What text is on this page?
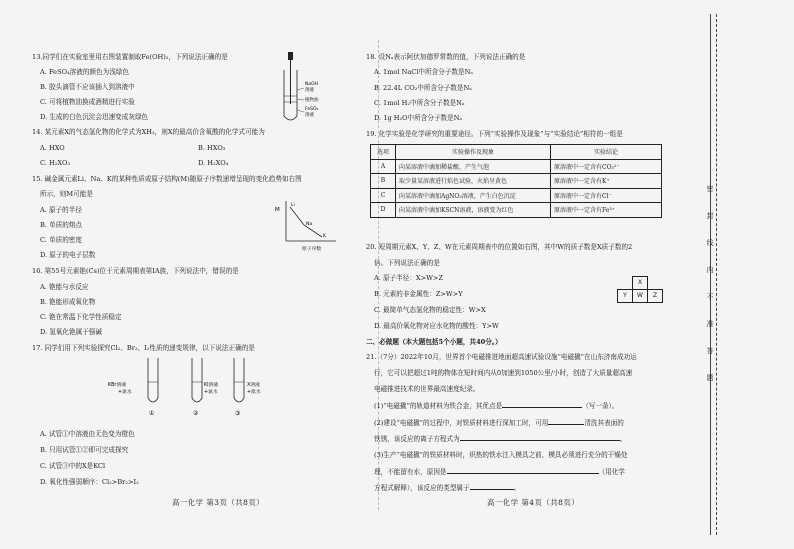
13.同学们在实验室里用右图装置制取Fe(OH)₂，下列说法正确的是
A. FeSO₄溶液的颜色为浅绿色
B. 胶头滴管不应该插入到溶液中
C. 可将植物油换成酒精进行实验
D. 生成的白色沉淀会迅速变成灰绿色
NaOH
溶液
植物油
FeSO₄
溶液
14. 某元素X的气态氢化物的化学式为XH₃，则X的最高价含氧酸的化学式可能为
A. HXO	B. HXO₃
C. H₂XO₃	D. H₂XO₄
15. 碱金属元素Li、Na、K的某种性质或原子结构(M)随原子序数递增呈现的变化趋势如右图
所示，则M可能是
A. 原子的半径
B. 单质的熔点
C. 单质的密度
D. 原子的电子层数
M
Li
Na
K
原子序数
16. 第55号元素铯(Cs)位于元素周期表第IA族，下列说法中，错误的是
A. 铯能与水反应
B. 铯能形成氧化物
C. 铯在常温下化学性质稳定
D. 氢氧化铯属于强碱
17. 同学们用下列实验探究Cl₂、Br₂、I₂性质的递变规律，以下说法正确的是
KBr溶液
+氯水
①
KI溶液
+氯水
②
X溶液
+溴水
③
A. 试管①中溶液由无色变为橙色
B. 只用试管①②即可完成探究
C. 试管③中的X是KCl
D. 氧化性强弱顺序：Cl₂>Br₂>I₂
高一化学 第3页（共8页）
18. 设Nₐ表示阿伏加德罗常数的值，下列说法正确的是
A. 1mol NaCl中所含分子数是Nₐ
B. 22.4L CO₂中所含分子数是Nₐ
C. 1mol H₂中所含分子数是Nₐ
D. 1g H₂O中所含分子数是Nₐ
19. 化学实验是化学研究的重要途径。下列“实验操作及现象”与“实验结论”相符的一组是
选项	实验操作及现象	实验结论
A	向某溶液中滴加稀盐酸，产生气泡	原溶液中一定含有CO₃²⁻
B	取少量某溶液进行焰色试验，火焰呈黄色	原溶液中一定含有K⁺
C	向某溶液中滴加AgNO₃溶液，产生白色沉淀	原溶液中一定含有Cl⁻
D	向某溶液中滴加KSCN溶液，溶液变为红色	原溶液中一定含有Fe³⁺
20. 短周期元素X、Y、Z、W在元素周期表中的位置如右图，其中W的质子数是X质子数的2
倍。下列说法正确的是
A. 原子半径：X>W>Z
B. 元素的非金属性：Z>W>Y
C. 最简单气态氢化物的稳定性：W>X
D. 最高价氧化物对应水化物的酸性：Y>W
X
Y	W	Z
二、必做题（本大题包括5个小题，共40分。）
21.（7分）2022年10月，世界首个电磁推进地面超高速试验设施“电磁撬”在山东济南成功运
行，它可以把超过1吨的物体在短时间内从0加速到1050公里/小时，创造了大质量超高速
电磁推进技术的世界最高速度纪录。
(1)“电磁撬”的轨道材料为铁合金，其优点是	（写一条）。
(2)建设“电磁撬”的过程中，对铁质材料进行深加工时，可用	清洗其表面的
铁锈，该反应的离子方程式为	。
(3)生产“电磁撬”的铁质材料时，炽热的铁水注入模具之前，模具必须进行充分的干燥处
理，不能留有水，原因是	（用化学
方程式解释），该反应的类型属于	。
高一化学 第4页（共8页）
密
封
线
内
不
准
答
题
